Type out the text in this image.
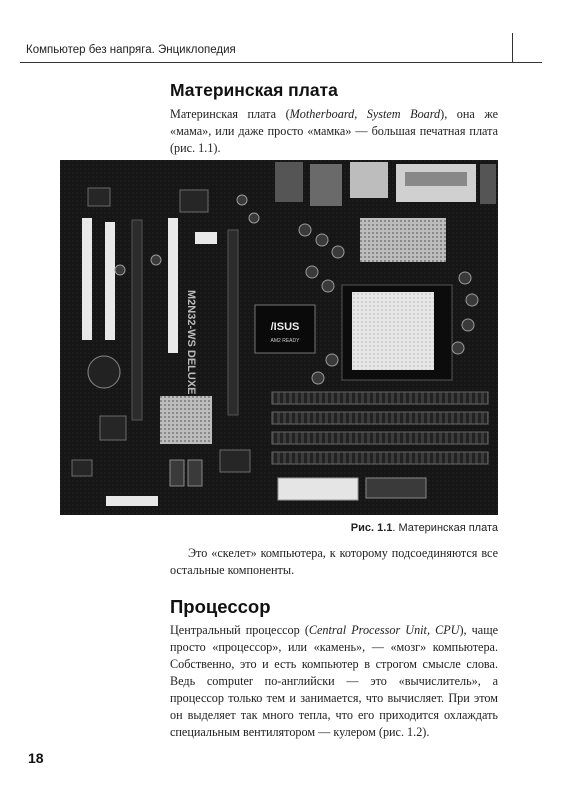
Компьютер без напряга. Энциклопедия
Материнская плата

Материнская плата (Motherboard, System Board), она же «мама», или даже просто «мамка» — большая печатная плата (рис. 1.1).

/ISUS
AM2 READY
M2N32-WS DELUXE
Рис. 1.1. Материнская плата

Это «скелет» компьютера, к которому подсоединяются все остальные компоненты.

Процессор

Центральный процессор (Central Processor Unit, CPU), чаще просто «процессор», или «камень», — «мозг» компьютера. Собственно, это и есть компьютер в строгом смысле слова. Ведь computer по-английски — это «вычислитель», а процессор только тем и занимается, что вычисляет. При этом он выделяет так много тепла, что его приходится охлаждать специальным вентилятором — кулером (рис. 1.2).

18
